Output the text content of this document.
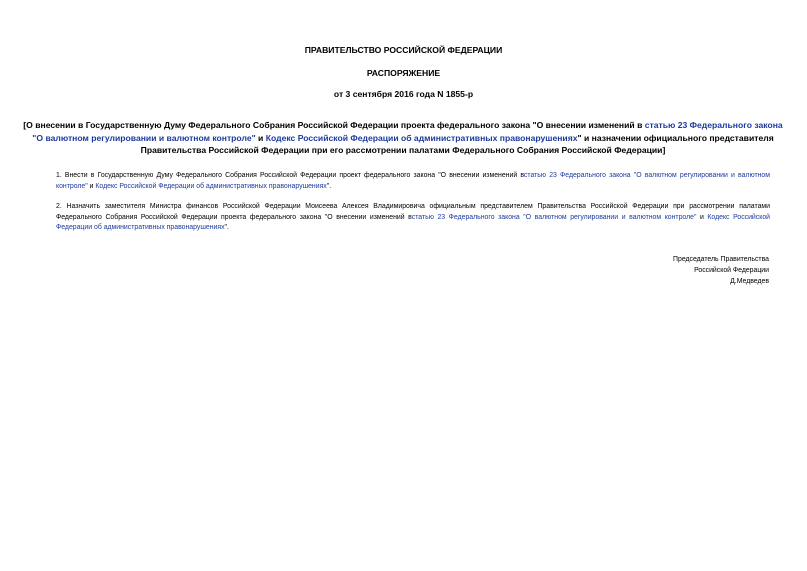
ПРАВИТЕЛЬСТВО РОССИЙСКОЙ ФЕДЕРАЦИИ
РАСПОРЯЖЕНИЕ
от 3 сентября 2016 года N 1855-р
[О внесении в Государственную Думу Федерального Собрания Российской Федерации проекта федерального закона "О внесении изменений в статью 23 Федерального закона "О валютном регулировании и валютном контроле" и Кодекс Российской Федерации об административных правонарушениях" и назначении официального представителя Правительства Российской Федерации при его рассмотрении палатами Федерального Собрания Российской Федерации]
1. Внести в Государственную Думу Федерального Собрания Российской Федерации проект федерального закона "О внесении изменений встатью 23 Федерального закона "О валютном регулировании и валютном контроле" и Кодекс Российской Федерации об административных правонарушениях".
2. Назначить заместителя Министра финансов Российской Федерации Моисеева Алексея Владимировича официальным представителем Правительства Российской Федерации при рассмотрении палатами Федерального Собрания Российской Федерации проекта федерального закона "О внесении изменений встатью 23 Федерального закона "О валютном регулировании и валютном контроле" и Кодекс Российской Федерации об административных правонарушениях".
Председатель Правительства
Российской Федерации
Д.Медведев
